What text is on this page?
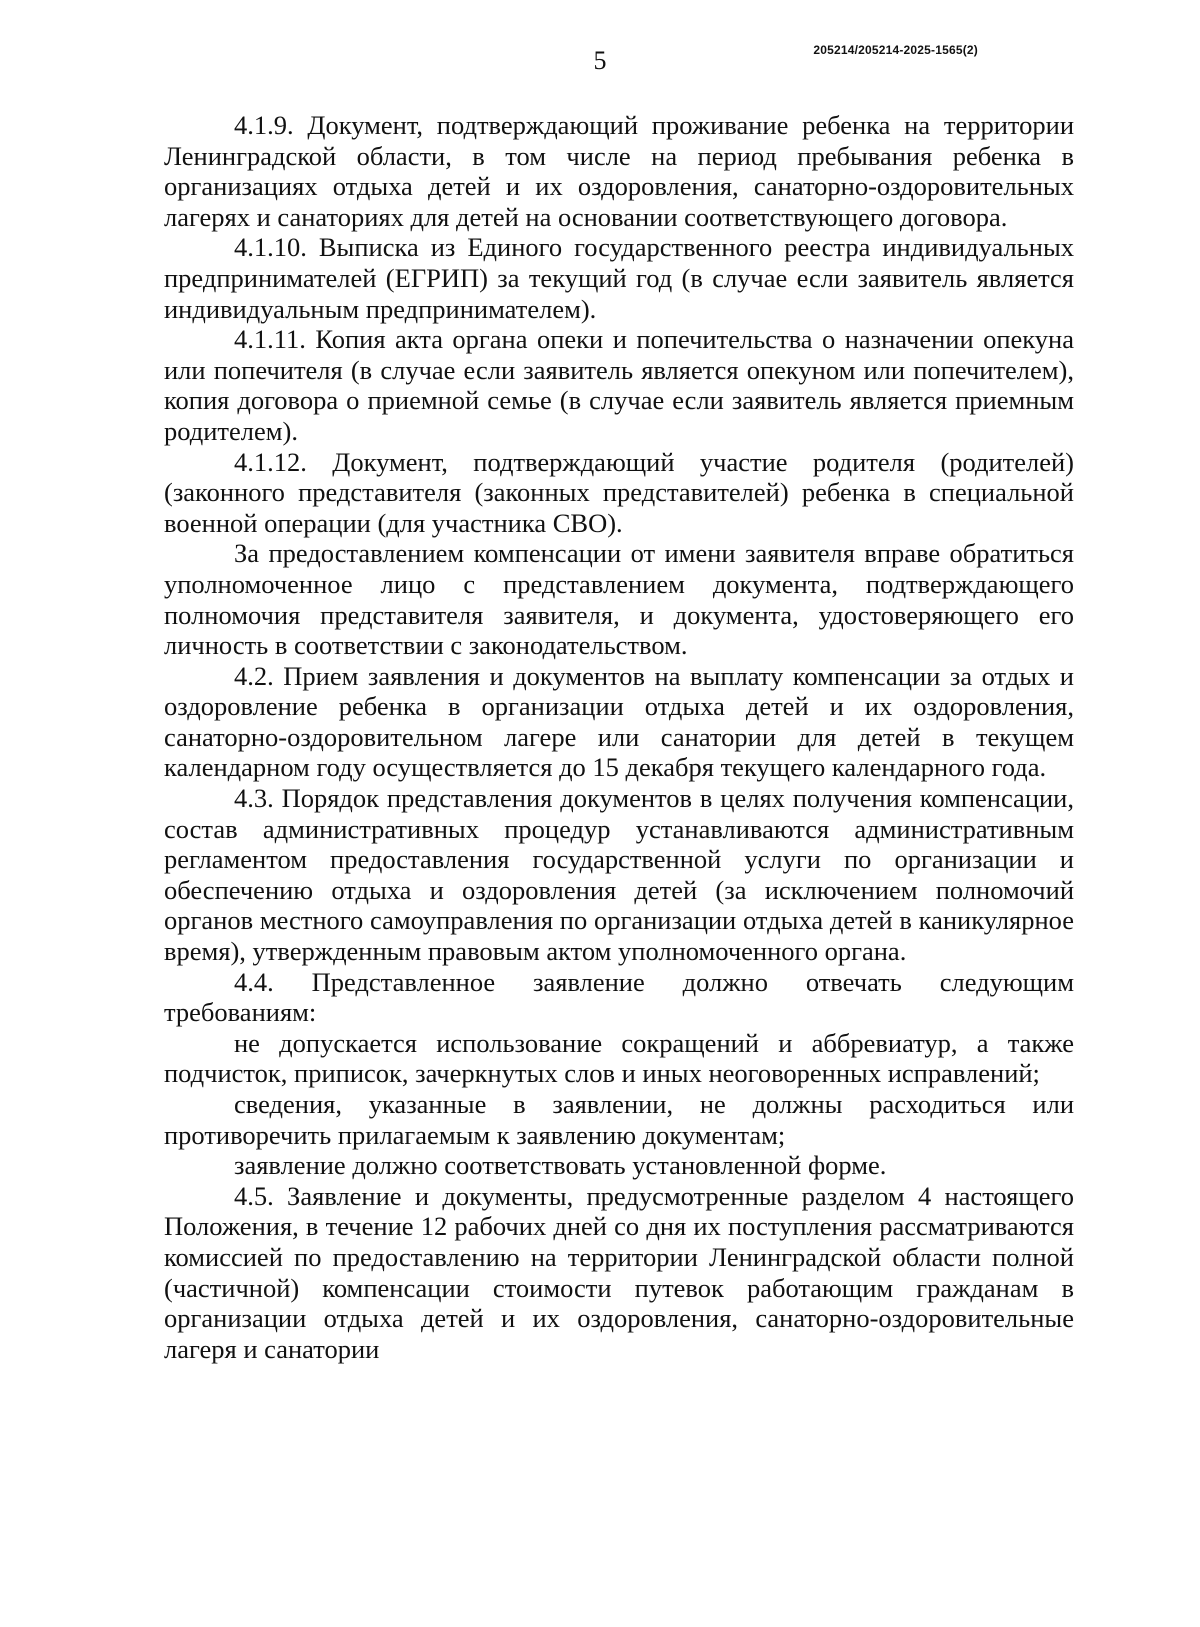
5	205214/205214-2025-1565(2)

4.1.9. Документ, подтверждающий проживание ребенка на территории Ленинградской области, в том числе на период пребывания ребенка в организациях отдыха детей и их оздоровления, санаторно-оздоровительных лагерях и санаториях для детей на основании соответствующего договора.

4.1.10. Выписка из Единого государственного реестра индивидуальных предпринимателей (ЕГРИП) за текущий год (в случае если заявитель является индивидуальным предпринимателем).

4.1.11. Копия акта органа опеки и попечительства о назначении опекуна или попечителя (в случае если заявитель является опекуном или попечителем), копия договора о приемной семье (в случае если заявитель является приемным родителем).

4.1.12. Документ, подтверждающий участие родителя (родителей) (законного представителя (законных представителей) ребенка в специальной военной операции (для участника СВО).

За предоставлением компенсации от имени заявителя вправе обратиться уполномоченное лицо с представлением документа, подтверждающего полномочия представителя заявителя, и документа, удостоверяющего его личность в соответствии с законодательством.

4.2. Прием заявления и документов на выплату компенсации за отдых и оздоровление ребенка в организации отдыха детей и их оздоровления, санаторно-оздоровительном лагере или санатории для детей в текущем календарном году осуществляется до 15 декабря текущего календарного года.

4.3. Порядок представления документов в целях получения компенсации, состав административных процедур устанавливаются административным регламентом предоставления государственной услуги по организации и обеспечению отдыха и оздоровления детей (за исключением полномочий органов местного самоуправления по организации отдыха детей в каникулярное время), утвержденным правовым актом уполномоченного органа.

4.4. Представленное заявление должно отвечать следующим требованиям:

не допускается использование сокращений и аббревиатур, а также подчисток, приписок, зачеркнутых слов и иных неоговоренных исправлений;

сведения, указанные в заявлении, не должны расходиться или противоречить прилагаемым к заявлению документам;

заявление должно соответствовать установленной форме.

4.5. Заявление и документы, предусмотренные разделом 4 настоящего Положения, в течение 12 рабочих дней со дня их поступления рассматриваются комиссией по предоставлению на территории Ленинградской области полной (частичной) компенсации стоимости путевок работающим гражданам в организации отдыха детей и их оздоровления, санаторно-оздоровительные лагеря и санатории
